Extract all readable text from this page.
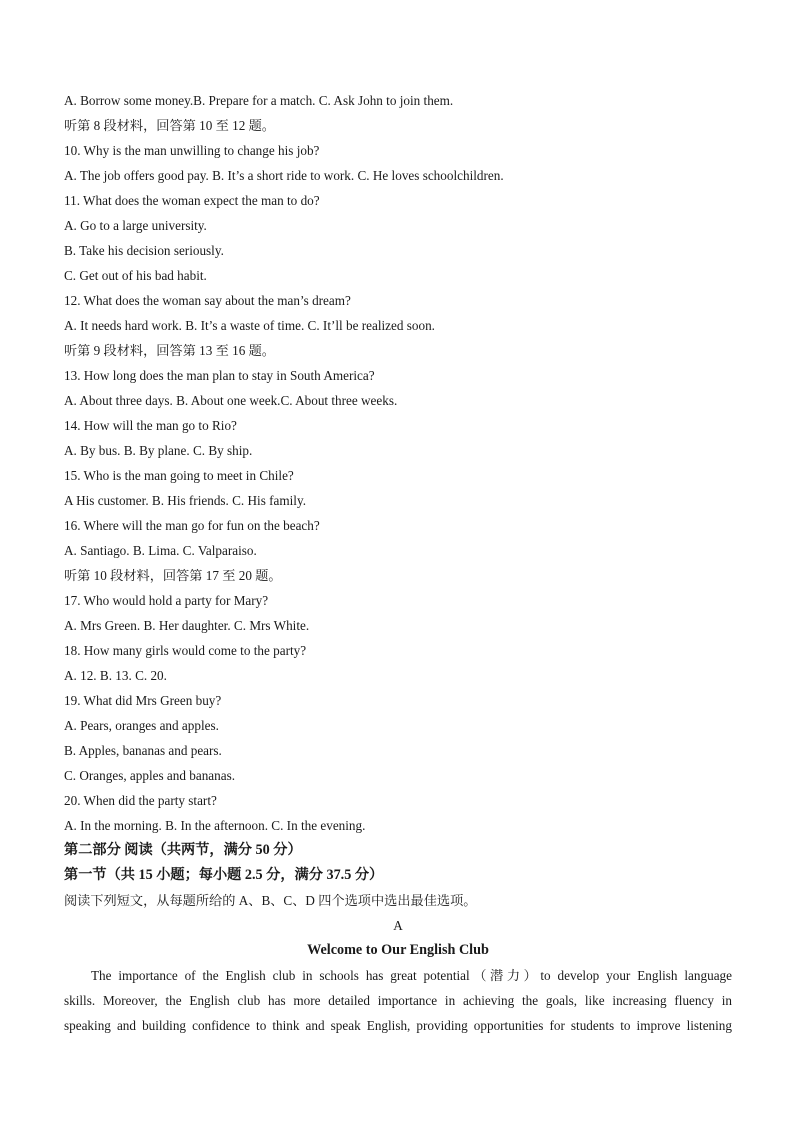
A. Borrow some money.B. Prepare for a match. C. Ask John to join them.
听第 8 段材料，回答第 10 至 12 题。
10. Why is the man unwilling to change his job?
A. The job offers good pay. B. It’s a short ride to work. C. He loves schoolchildren.
11. What does the woman expect the man to do?
A. Go to a large university.
B. Take his decision seriously.
C. Get out of his bad habit.
12. What does the woman say about the man’s dream?
A. It needs hard work. B. It’s a waste of time. C. It’ll be realized soon.
听第 9 段材料，回答第 13 至 16 题。
13. How long does the man plan to stay in South America?
A. About three days. B. About one week.C. About three weeks.
14. How will the man go to Rio?
A. By bus. B. By plane. C. By ship.
15. Who is the man going to meet in Chile?
A His customer. B. His friends. C. His family.
16. Where will the man go for fun on the beach?
A. Santiago. B. Lima. C. Valparaiso.
听第 10 段材料，回答第 17 至 20 题。
17. Who would hold a party for Mary?
A. Mrs Green. B. Her daughter. C. Mrs White.
18. How many girls would come to the party?
A. 12. B. 13. C. 20.
19. What did Mrs Green buy?
A. Pears, oranges and apples.
B. Apples, bananas and pears.
C. Oranges, apples and bananas.
20. When did the party start?
A. In the morning. B. In the afternoon. C. In the evening.
第二部分 阅读（共两节，满分 50 分）
第一节（共 15 小题；每小题 2.5 分，满分 37.5 分）
阅读下列短文，从每题所给的 A、B、C、D 四个选项中选出最佳选项。
A
Welcome to Our English Club
The importance of the English club in schools has great potential（潜力）to develop your English language
skills. Moreover, the English club has more detailed importance in achieving the goals, like increasing fluency in
speaking and building confidence to think and speak English, providing opportunities for students to improve listening
